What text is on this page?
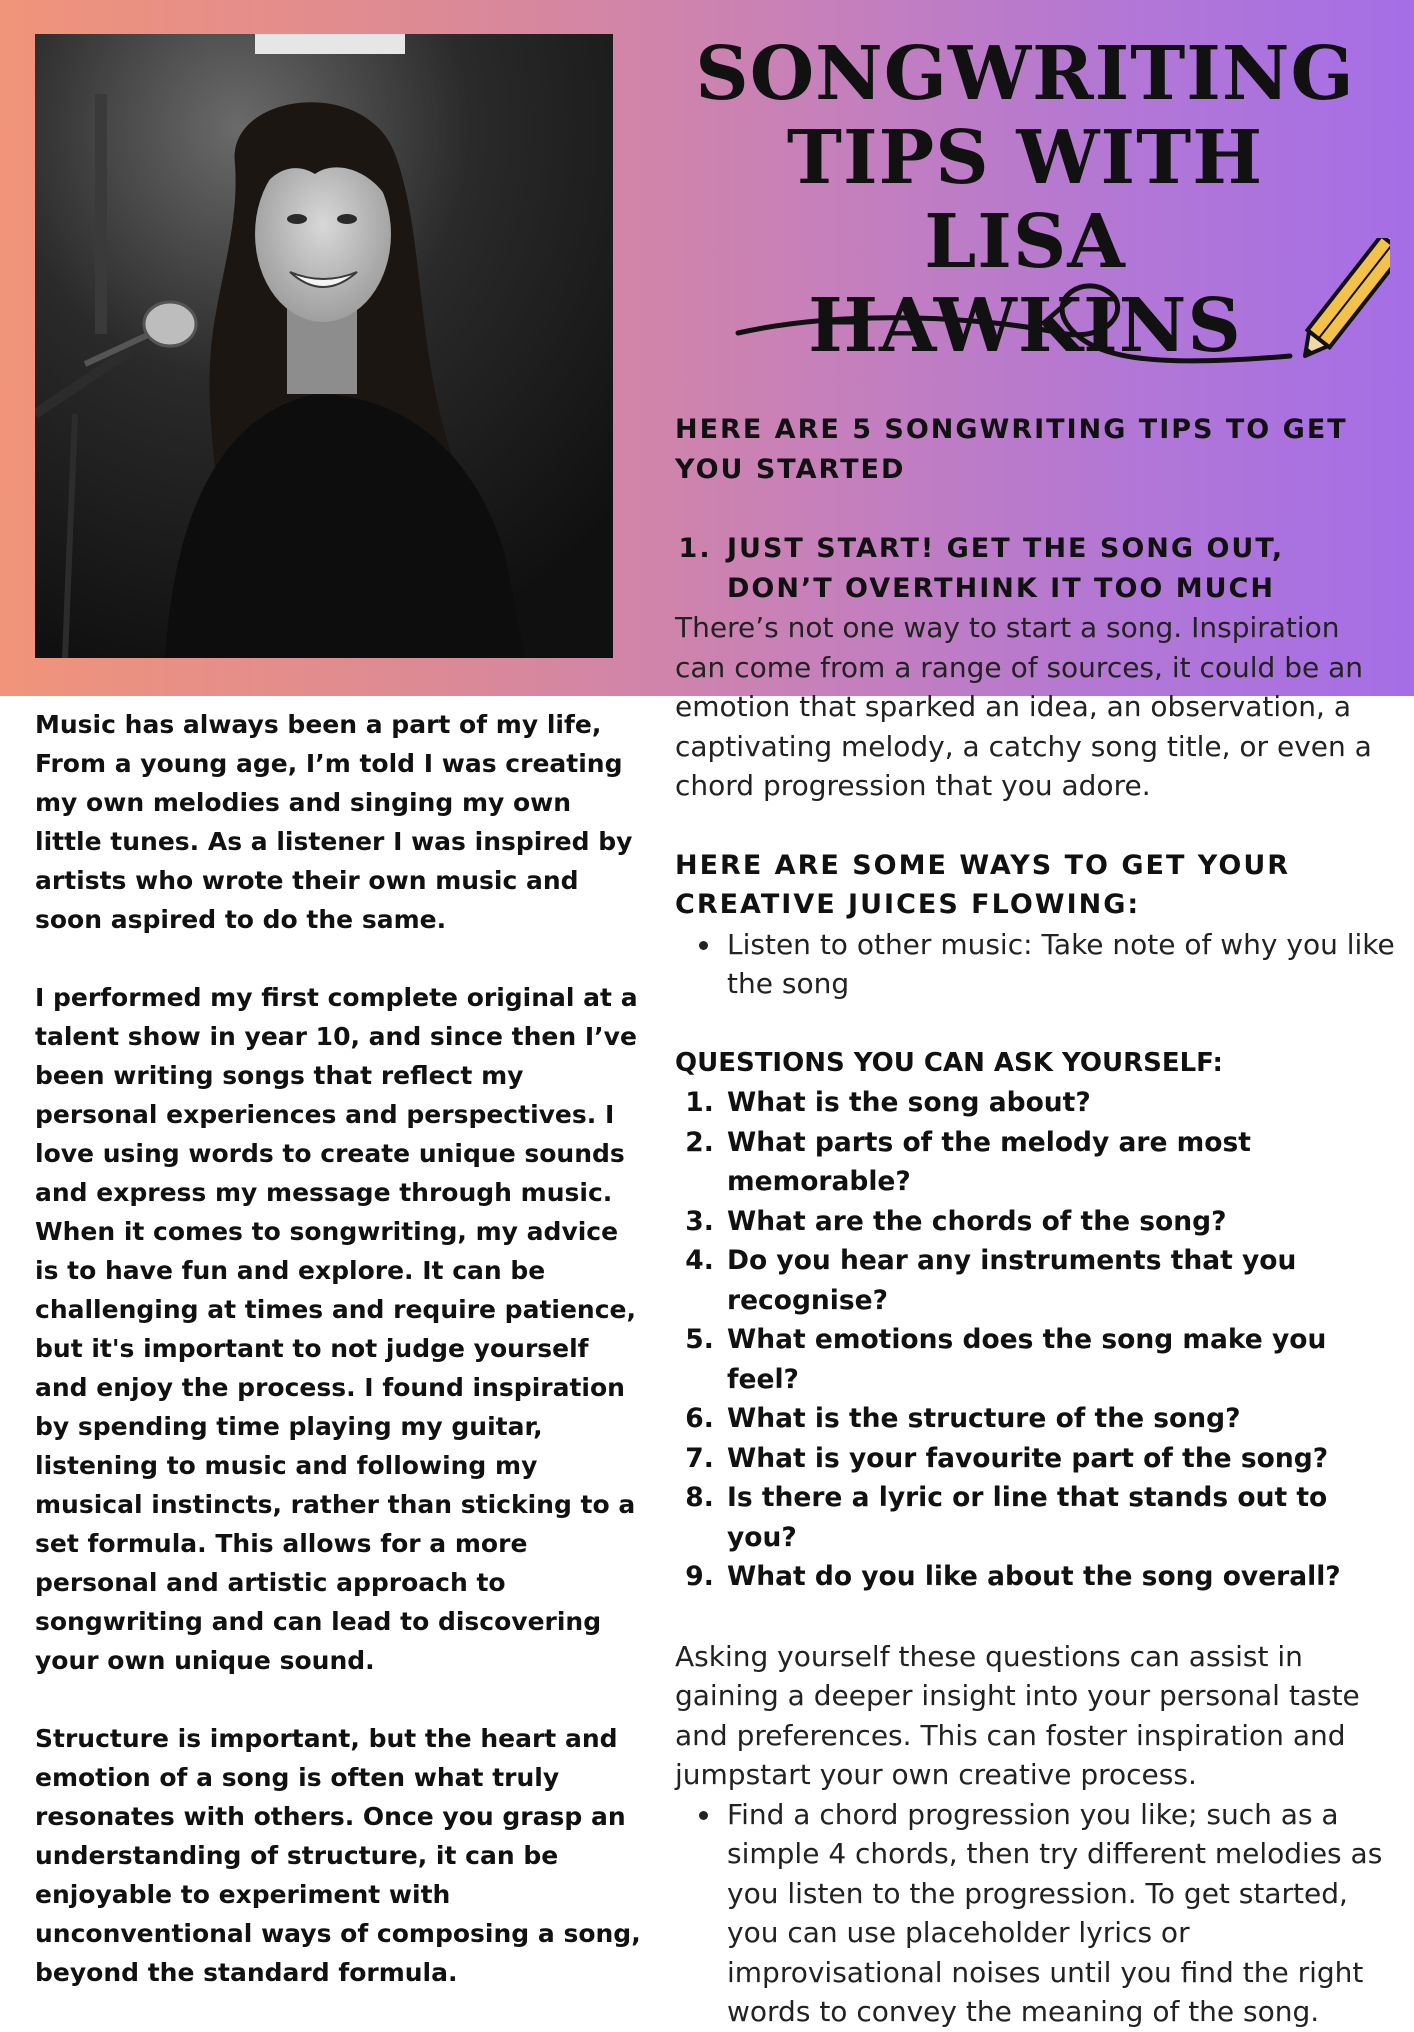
SONGWRITING
TIPS WITH LISA
HAWKINS

HERE ARE 5 SONGWRITING TIPS TO GET YOU STARTED

1. JUST START! GET THE SONG OUT, DON’T OVERTHINK IT TOO MUCH

There’s not one way to start a song. Inspiration can come from a range of sources, it could be an emotion that sparked an idea, an observation, a captivating melody, a catchy song title, or even a chord progression that you adore.

HERE ARE SOME WAYS TO GET YOUR CREATIVE JUICES FLOWING:

• Listen to other music: Take note of why you like the song

QUESTIONS YOU CAN ASK YOURSELF:

1. What is the song about?
2. What parts of the melody are most memorable?
3. What are the chords of the song?
4. Do you hear any instruments that you recognise?
5. What emotions does the song make you feel?
6. What is the structure of the song?
7. What is your favourite part of the song?
8. Is there a lyric or line that stands out to you?
9. What do you like about the song overall?

Asking yourself these questions can assist in gaining a deeper insight into your personal taste and preferences. This can foster inspiration and jumpstart your own creative process.

• Find a chord progression you like; such as a simple 4 chords, then try different melodies as you listen to the progression. To get started, you can use placeholder lyrics or improvisational noises until you find the right words to convey the meaning of the song.

Music has always been a part of my life, From a young age, I’m told I was creating my own melodies and singing my own little tunes. As a listener I was inspired by artists who wrote their own music and soon aspired to do the same.

I performed my first complete original at a talent show in year 10, and since then I’ve been writing songs that reflect my personal experiences and perspectives. I love using words to create unique sounds and express my message through music.

When it comes to songwriting, my advice is to have fun and explore. It can be challenging at times and require patience, but it's important to not judge yourself and enjoy the process. I found inspiration by spending time playing my guitar, listening to music and following my musical instincts, rather than sticking to a set formula. This allows for a more personal and artistic approach to songwriting and can lead to discovering your own unique sound.

Structure is important, but the heart and emotion of a song is often what truly resonates with others. Once you grasp an understanding of structure, it can be enjoyable to experiment with unconventional ways of composing a song, beyond the standard formula.
